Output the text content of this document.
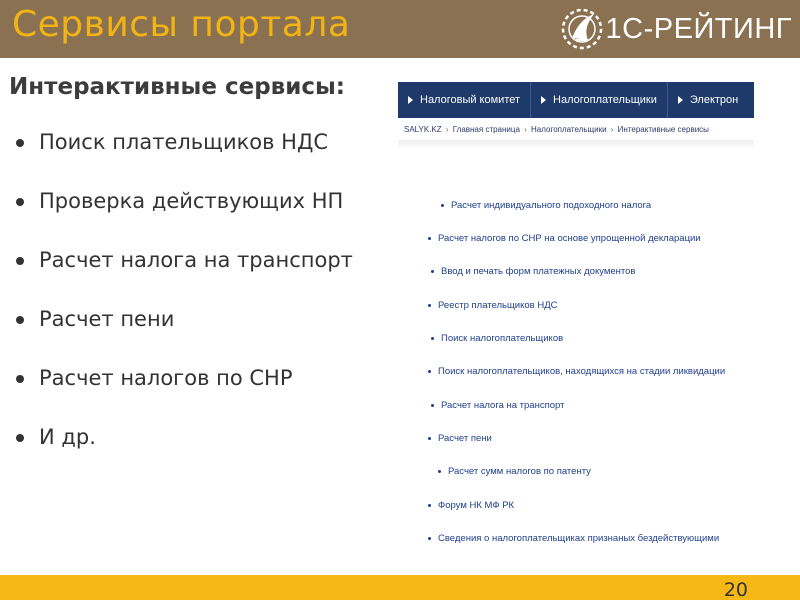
Сервисы портала	1С-РЕЙТИНГ
Интерактивные сервисы:
Поиск плательщиков НДС
Проверка действующих НП
Расчет налога на транспорт
Расчет пени
Расчет налогов по СНР
И др.
Налоговый комитет	Налогоплательщики	Электрон
SALYK.KZ › Главная страница › Налогоплательщики › Интерактивные сервисы
Расчет индивидуального подоходного налога
Расчет налогов по СНР на основе упрощенной декларации
Ввод и печать форм платежных документов
Реестр плательщиков НДС
Поиск налогоплательщиков
Поиск налогоплательщиков, находящихся на стадии ликвидации
Расчет налога на транспорт
Расчет пени
Расчет сумм налогов по патенту
Форум НК МФ РК
Сведения о налогоплательщиках признаных бездействующими
20
